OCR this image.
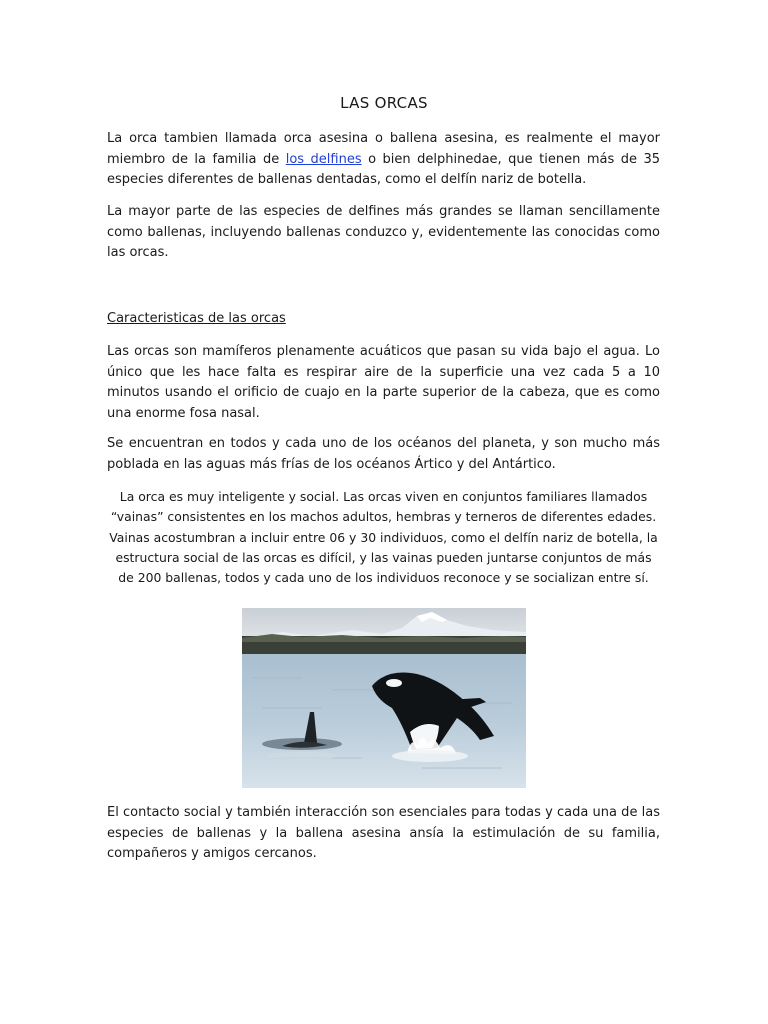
LAS ORCAS

La orca tambien llamada orca asesina o ballena asesina, es realmente el mayor miembro de la familia de los delfines o bien delphinedae, que tienen más de 35 especies diferentes de ballenas dentadas, como el delfín nariz de botella.

La mayor parte de las especies de delfines más grandes se llaman sencillamente como ballenas, incluyendo ballenas conduzco y, evidentemente las conocidas como las orcas.

Caracteristicas de las orcas

Las orcas son mamíferos plenamente acuáticos que pasan su vida bajo el agua. Lo único que les hace falta es respirar aire de la superficie una vez cada 5 a 10 minutos usando el orificio de cuajo en la parte superior de la cabeza, que es como una enorme fosa nasal.

Se encuentran en todos y cada uno de los océanos del planeta, y son mucho más poblada en las aguas más frías de los océanos Ártico y del Antártico.

La orca es muy inteligente y social. Las orcas viven en conjuntos familiares llamados “vainas” consistentes en los machos adultos, hembras y terneros de diferentes edades. Vainas acostumbran a incluir entre 06 y 30 individuos, como el delfín nariz de botella, la estructura social de las orcas es difícil, y las vainas pueden juntarse conjuntos de más de 200 ballenas, todos y cada uno de los individuos reconoce y se socializan entre sí.

El contacto social y también interacción son esenciales para todas y cada una de las especies de ballenas y la ballena asesina ansía la estimulación de su familia, compañeros y amigos cercanos.
